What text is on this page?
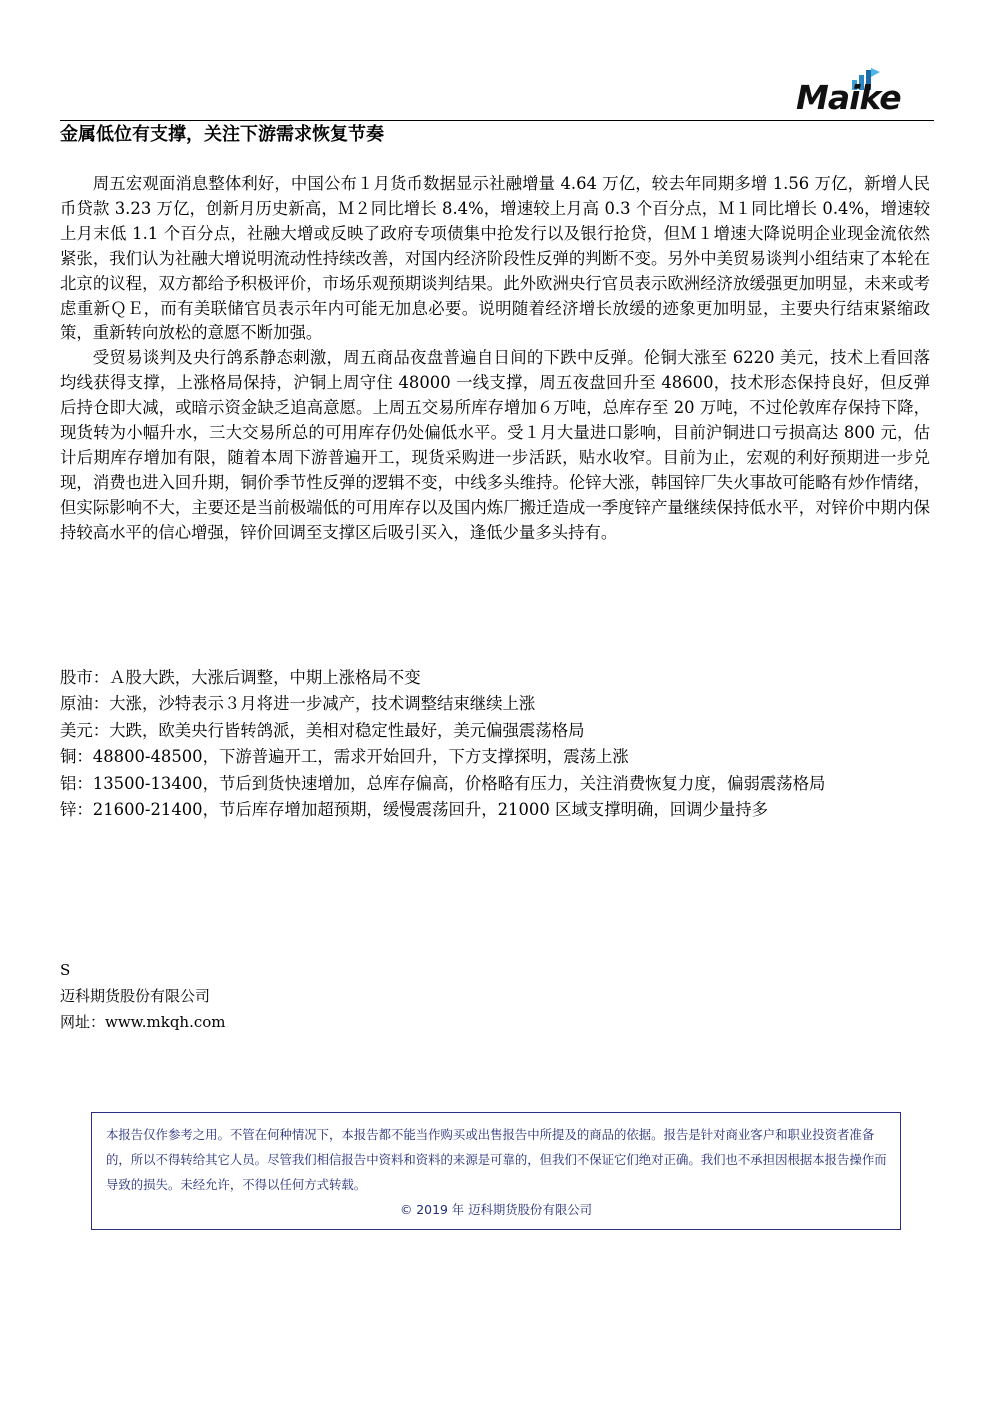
Maike
金属低位有支撑，关注下游需求恢复节奏

周五宏观面消息整体利好，中国公布１月货币数据显示社融增量 4.64 万亿，较去年同期多增 1.56 万亿，新增人民币贷款 3.23 万亿，创新月历史新高，Ｍ２同比增长 8.4%，增速较上月高 0.3 个百分点，Ｍ１同比增长 0.4%，增速较上月末低 1.1 个百分点，社融大增或反映了政府专项债集中抢发行以及银行抢贷，但Ｍ１增速大降说明企业现金流依然紧张，我们认为社融大增说明流动性持续改善，对国内经济阶段性反弹的判断不变。另外中美贸易谈判小组结束了本轮在北京的议程，双方都给予积极评价，市场乐观预期谈判结果。此外欧洲央行官员表示欧洲经济放缓强更加明显，未来或考虑重新ＱＥ，而有美联储官员表示年内可能无加息必要。说明随着经济增长放缓的迹象更加明显，主要央行结束紧缩政策，重新转向放松的意愿不断加强。

受贸易谈判及央行鸽系静态刺激，周五商品夜盘普遍自日间的下跌中反弹。伦铜大涨至 6220 美元，技术上看回落均线获得支撑，上涨格局保持，沪铜上周守住 48000 一线支撑，周五夜盘回升至 48600，技术形态保持良好，但反弹后持仓即大减，或暗示资金缺乏追高意愿。上周五交易所库存增加６万吨，总库存至 20 万吨，不过伦敦库存保持下降，现货转为小幅升水，三大交易所总的可用库存仍处偏低水平。受１月大量进口影响，目前沪铜进口亏损高达 800 元，估计后期库存增加有限，随着本周下游普遍开工，现货采购进一步活跃，贴水收窄。目前为止，宏观的利好预期进一步兑现，消费也进入回升期，铜价季节性反弹的逻辑不变，中线多头维持。伦锌大涨，韩国锌厂失火事故可能略有炒作情绪，但实际影响不大，主要还是当前极端低的可用库存以及国内炼厂搬迁造成一季度锌产量继续保持低水平，对锌价中期内保持较高水平的信心增强，锌价回调至支撑区后吸引买入，逢低少量多头持有。

股市：Ａ股大跌，大涨后调整，中期上涨格局不变
原油：大涨，沙特表示３月将进一步减产，技术调整结束继续上涨
美元：大跌，欧美央行皆转鸽派，美相对稳定性最好，美元偏强震荡格局
铜：48800-48500，下游普遍开工，需求开始回升，下方支撑探明，震荡上涨
铝：13500-13400，节后到货快速增加，总库存偏高，价格略有压力，关注消费恢复力度，偏弱震荡格局
锌：21600-21400，节后库存增加超预期，缓慢震荡回升，21000 区域支撑明确，回调少量持多
S
迈科期货股份有限公司
网址：www.mkqh.com
本报告仅作参考之用。不管在何种情况下，本报告都不能当作购买或出售报告中所提及的商品的依据。报告是针对商业客户和职业投资者准备的，所以不得转给其它人员。尽管我们相信报告中资料和资料的来源是可靠的，但我们不保证它们绝对正确。我们也不承担因根据本报告操作而导致的损失。未经允许，不得以任何方式转载。
© 2019 年 迈科期货股份有限公司
